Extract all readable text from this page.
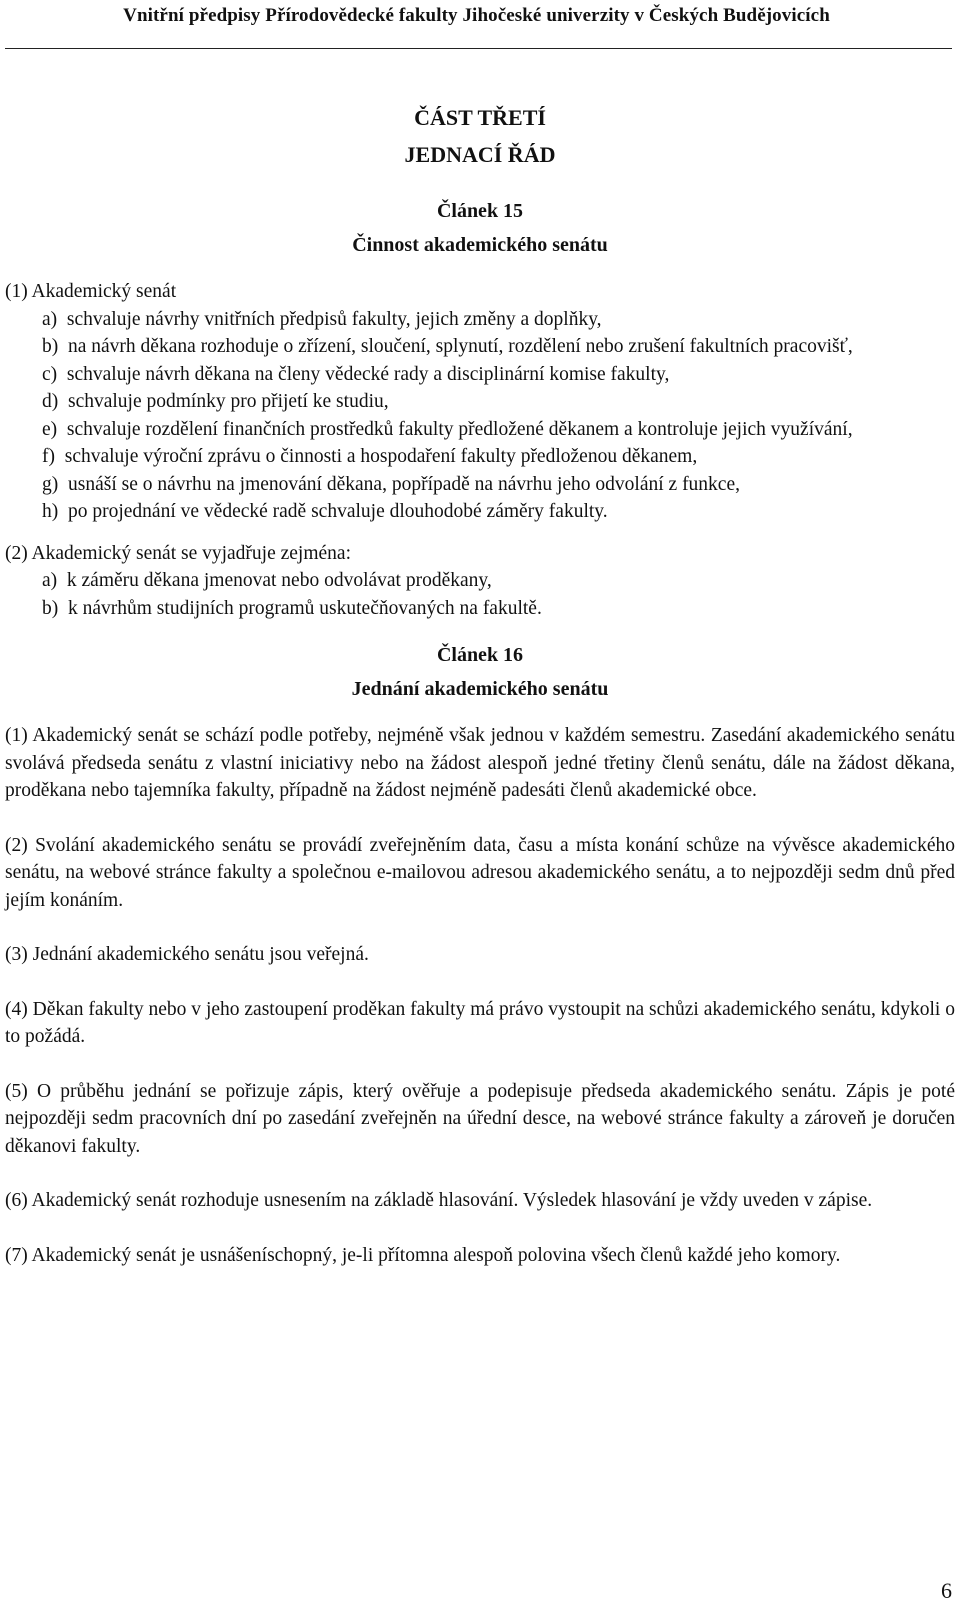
Vnitřní předpisy Přírodovědecké fakulty Jihočeské univerzity v Českých Budějovicích
ČÁST TŘETÍ
JEDNACÍ ŘÁD
Článek 15
Činnost akademického senátu
(1) Akademický senát
a)  schvaluje návrhy vnitřních předpisů fakulty, jejich změny a doplňky,
b)  na návrh děkana rozhoduje o zřízení, sloučení, splynutí, rozdělení nebo zrušení fakultních pracovišť,
c)  schvaluje návrh děkana na členy vědecké rady a disciplinární komise fakulty,
d)  schvaluje podmínky pro přijetí ke studiu,
e)  schvaluje rozdělení finančních prostředků fakulty předložené děkanem a kontroluje jejich využívání,
f)  schvaluje výroční zprávu o činnosti a hospodaření fakulty předloženou děkanem,
g)  usnáší se o návrhu na jmenování děkana, popřípadě na návrhu jeho odvolání z funkce,
h)  po projednání ve vědecké radě schvaluje dlouhodobé záměry fakulty.
(2) Akademický senát se vyjadřuje zejména:
a)  k záměru děkana jmenovat nebo odvolávat proděkany,
b)  k návrhům studijních programů uskutečňovaných na fakultě.
Článek 16
Jednání akademického senátu
(1) Akademický senát se schází podle potřeby, nejméně však jednou v každém semestru. Zasedání akademického senátu svolává předseda senátu z vlastní iniciativy nebo na žádost alespoň jedné třetiny členů senátu, dále na žádost děkana, proděkana nebo tajemníka fakulty, případně na žádost nejméně padesáti členů akademické obce.
(2) Svolání akademického senátu se provádí zveřejněním data, času a místa konání schůze na vývěsce akademického senátu, na webové stránce fakulty a společnou e-mailovou adresou akademického senátu, a to nejpozději sedm dnů před jejím konáním.
(3) Jednání akademického senátu jsou veřejná.
(4) Děkan fakulty nebo v jeho zastoupení proděkan fakulty má právo vystoupit na schůzi akademického senátu, kdykoli o to požádá.
(5) O průběhu jednání se pořizuje zápis, který ověřuje a podepisuje předseda akademického senátu. Zápis je poté nejpozději sedm pracovních dní po zasedání zveřejněn na úřední desce, na webové stránce fakulty a zároveň je doručen děkanovi fakulty.
(6) Akademický senát rozhoduje usnesením na základě hlasování. Výsledek hlasování je vždy uveden v zápise.
(7) Akademický senát je usnášeníschopný, je-li přítomna alespoň polovina všech členů každé jeho komory.
6
